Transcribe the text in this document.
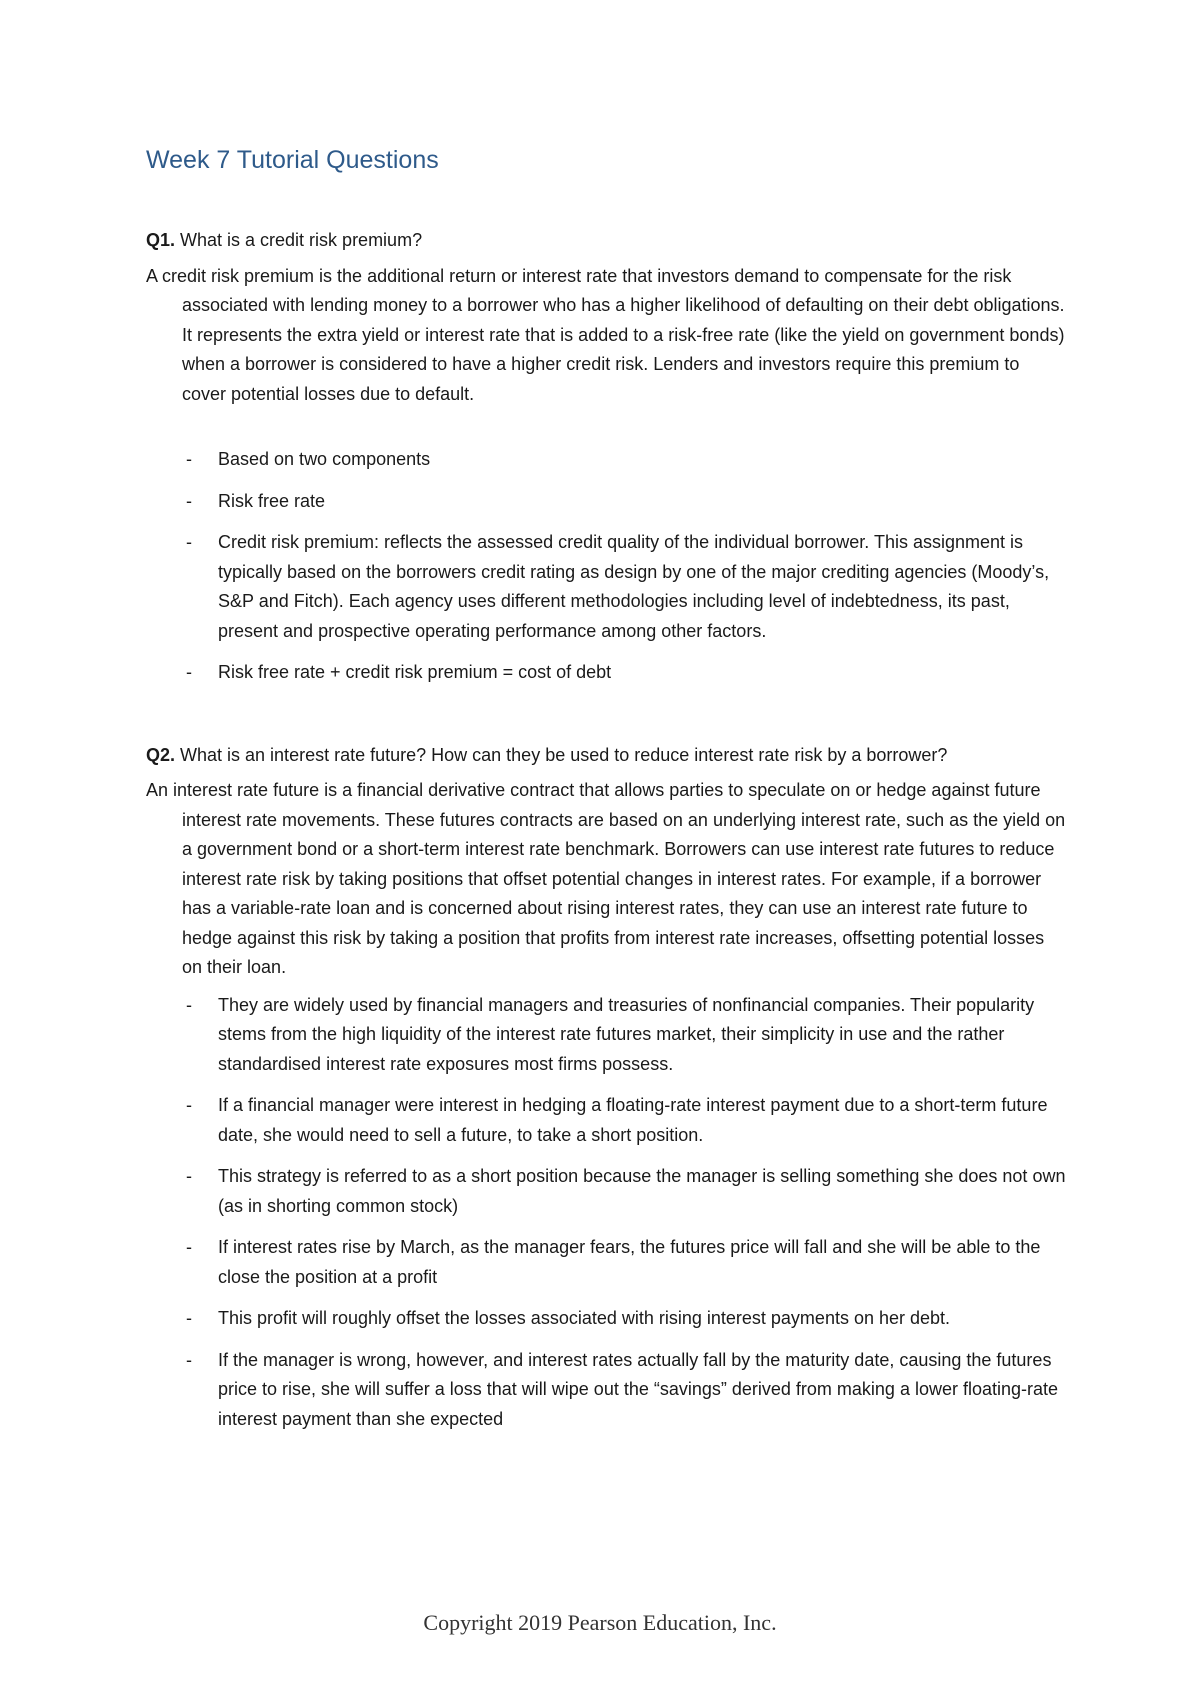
Week 7 Tutorial Questions

Q1. What is a credit risk premium?

A credit risk premium is the additional return or interest rate that investors demand to compensate for the risk associated with lending money to a borrower who has a higher likelihood of defaulting on their debt obligations. It represents the extra yield or interest rate that is added to a risk-free rate (like the yield on government bonds) when a borrower is considered to have a higher credit risk. Lenders and investors require this premium to cover potential losses due to default.

- Based on two components
- Risk free rate
- Credit risk premium: reflects the assessed credit quality of the individual borrower. This assignment is typically based on the borrowers credit rating as design by one of the major crediting agencies (Moody’s, S&P and Fitch). Each agency uses different methodologies including level of indebtedness, its past, present and prospective operating performance among other factors.
- Risk free rate + credit risk premium = cost of debt

Q2. What is an interest rate future? How can they be used to reduce interest rate risk by a borrower?

An interest rate future is a financial derivative contract that allows parties to speculate on or hedge against future interest rate movements. These futures contracts are based on an underlying interest rate, such as the yield on a government bond or a short-term interest rate benchmark. Borrowers can use interest rate futures to reduce interest rate risk by taking positions that offset potential changes in interest rates. For example, if a borrower has a variable-rate loan and is concerned about rising interest rates, they can use an interest rate future to hedge against this risk by taking a position that profits from interest rate increases, offsetting potential losses on their loan.

- They are widely used by financial managers and treasuries of nonfinancial companies. Their popularity stems from the high liquidity of the interest rate futures market, their simplicity in use and the rather standardised interest rate exposures most firms possess.
- If a financial manager were interest in hedging a floating-rate interest payment due to a short-term future date, she would need to sell a future, to take a short position.
- This strategy is referred to as a short position because the manager is selling something she does not own (as in shorting common stock)
- If interest rates rise by March, as the manager fears, the futures price will fall and she will be able to the close the position at a profit
- This profit will roughly offset the losses associated with rising interest payments on her debt.
- If the manager is wrong, however, and interest rates actually fall by the maturity date, causing the futures price to rise, she will suffer a loss that will wipe out the “savings” derived from making a lower floating-rate interest payment than she expected
Copyright 2019 Pearson Education, Inc.
